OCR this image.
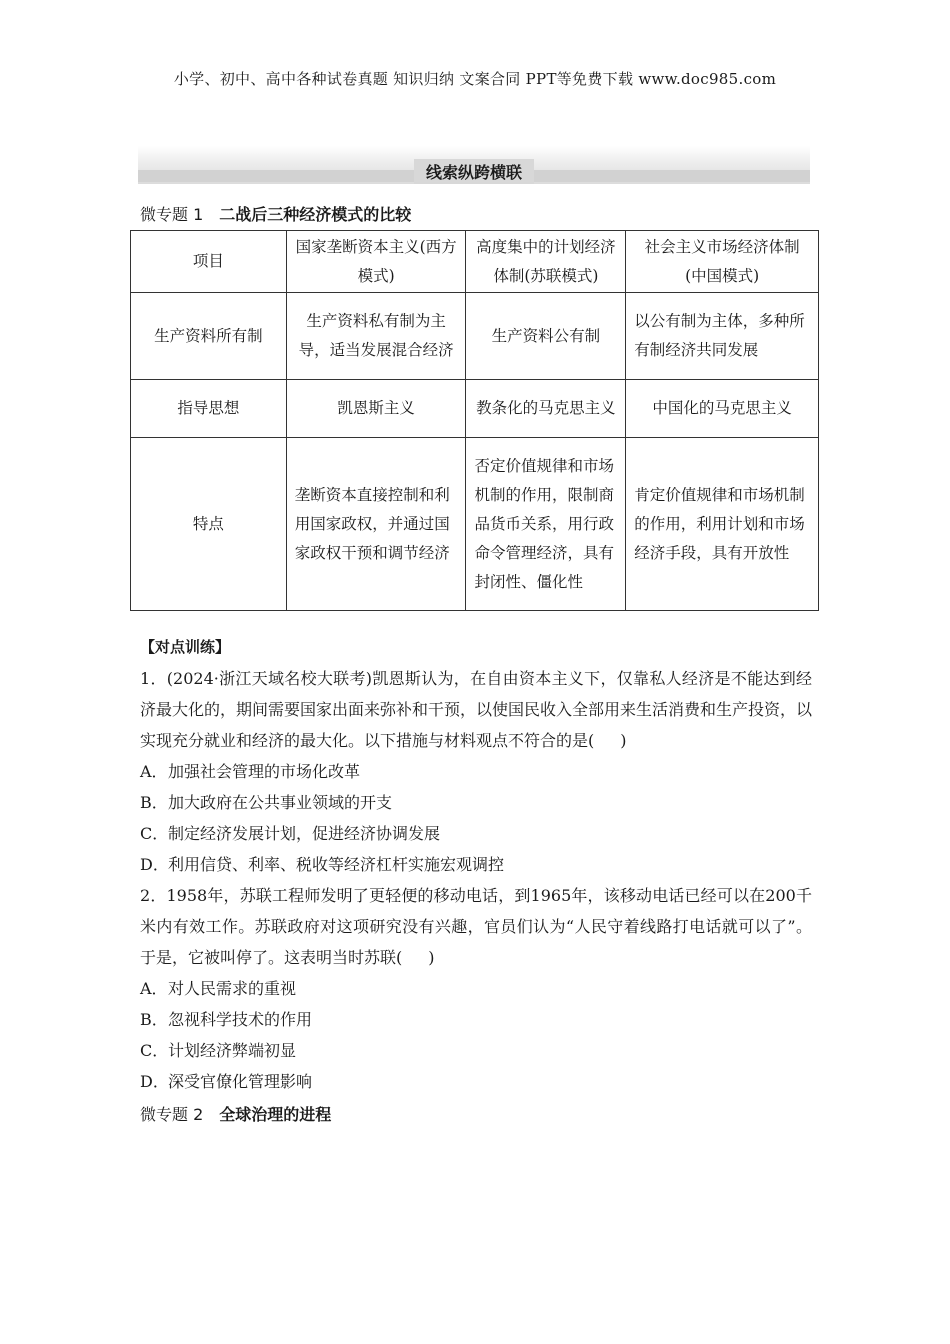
小学、初中、高中各种试卷真题 知识归纳 文案合同 PPT等免费下载 www.doc985.com
线索纵跨横联
微专题 1 二战后三种经济模式的比较
项目	国家垄断资本主义(西方模式)	高度集中的计划经济体制(苏联模式)	社会主义市场经济体制(中国模式)
生产资料所有制	生产资料私有制为主导，适当发展混合经济	生产资料公有制	以公有制为主体，多种所有制经济共同发展
指导思想	凯恩斯主义	教条化的马克思主义	中国化的马克思主义
特点	垄断资本直接控制和利用国家政权，并通过国家政权干预和调节经济	否定价值规律和市场机制的作用，限制商品货币关系，用行政命令管理经济，具有封闭性、僵化性	肯定价值规律和市场机制的作用，利用计划和市场经济手段，具有开放性
【对点训练】

1．(2024·浙江天域名校大联考)凯恩斯认为，在自由资本主义下，仅靠私人经济是不能达到经济最大化的，期间需要国家出面来弥补和干预，以使国民收入全部用来生活消费和生产投资，以实现充分就业和经济的最大化。以下措施与材料观点不符合的是( )

A．加强社会管理的市场化改革

B．加大政府在公共事业领域的开支

C．制定经济发展计划，促进经济协调发展

D．利用信贷、利率、税收等经济杠杆实施宏观调控

2．1958年，苏联工程师发明了更轻便的移动电话，到1965年，该移动电话已经可以在200千米内有效工作。苏联政府对这项研究没有兴趣，官员们认为“人民守着线路打电话就可以了”。于是，它被叫停了。这表明当时苏联( )

A．对人民需求的重视

B．忽视科学技术的作用

C．计划经济弊端初显

D．深受官僚化管理影响

微专题 2 全球治理的进程
